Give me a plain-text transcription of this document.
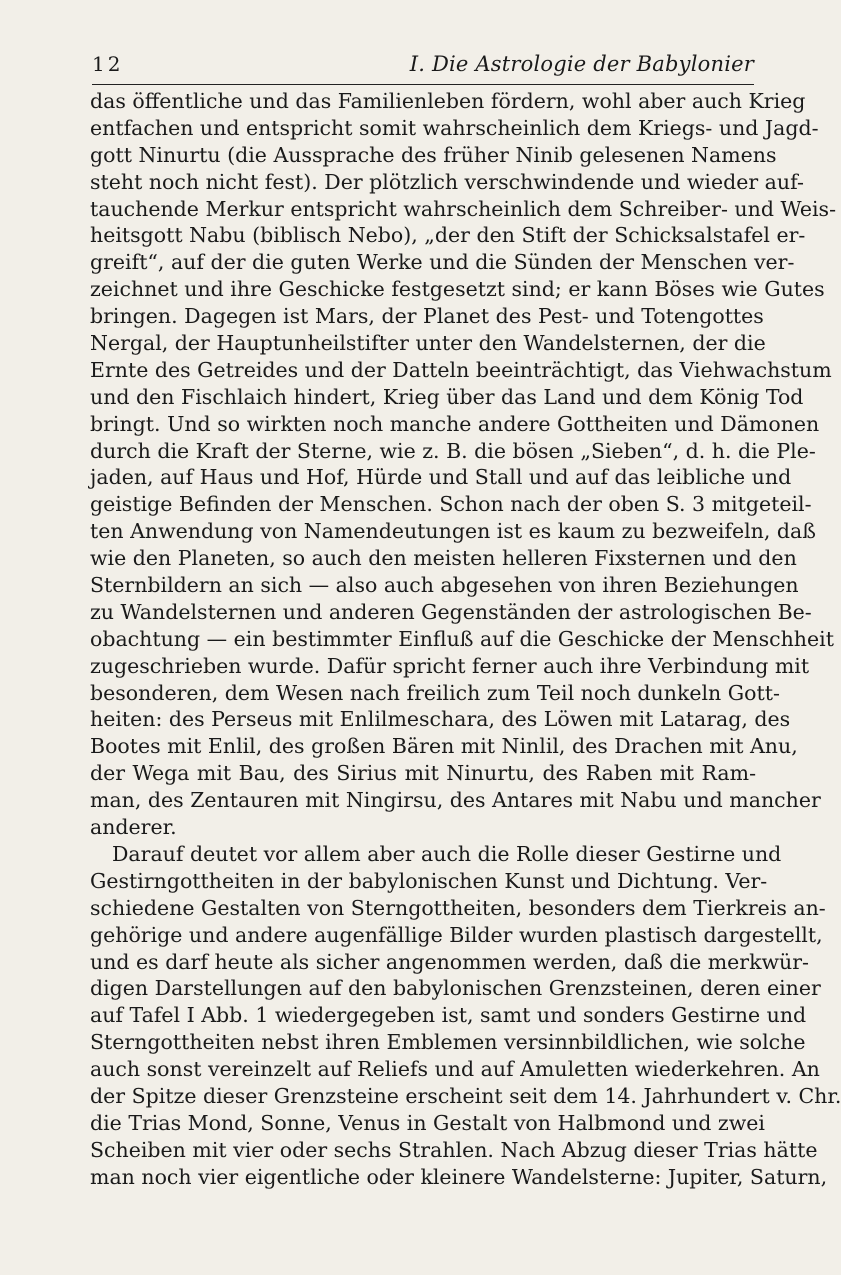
12	I. Die Astrologie der Babylonier
das öffentliche und das Familienleben fördern, wohl aber auch Krieg
entfachen und entspricht somit wahrscheinlich dem Kriegs- und Jagd-
gott Ninurtu (die Aussprache des früher Ninib gelesenen Namens
steht noch nicht fest). Der plötzlich verschwindende und wieder auf-
tauchende Merkur entspricht wahrscheinlich dem Schreiber- und Weis-
heitsgott Nabu (biblisch Nebo), „der den Stift der Schicksalstafel er-
greift“, auf der die guten Werke und die Sünden der Menschen ver-
zeichnet und ihre Geschicke festgesetzt sind; er kann Böses wie Gutes
bringen. Dagegen ist Mars, der Planet des Pest- und Totengottes
Nergal, der Hauptunheilstifter unter den Wandelsternen, der die
Ernte des Getreides und der Datteln beeinträchtigt, das Viehwachstum
und den Fischlaich hindert, Krieg über das Land und dem König Tod
bringt. Und so wirkten noch manche andere Gottheiten und Dämonen
durch die Kraft der Sterne, wie z. B. die bösen „Sieben“, d. h. die Ple-
jaden, auf Haus und Hof, Hürde und Stall und auf das leibliche und
geistige Befinden der Menschen. Schon nach der oben S. 3 mitgeteil-
ten Anwendung von Namendeutungen ist es kaum zu bezweifeln, daß
wie den Planeten, so auch den meisten helleren Fixsternen und den
Sternbildern an sich — also auch abgesehen von ihren Beziehungen
zu Wandelsternen und anderen Gegenständen der astrologischen Be-
obachtung — ein bestimmter Einfluß auf die Geschicke der Menschheit
zugeschrieben wurde. Dafür spricht ferner auch ihre Verbindung mit
besonderen, dem Wesen nach freilich zum Teil noch dunkeln Gott-
heiten: des Perseus mit Enlilmeschara, des Löwen mit Latarag, des
Bootes mit Enlil, des großen Bären mit Ninlil, des Drachen mit Anu,
der Wega mit Bau, des Sirius mit Ninurtu, des Raben mit Ram-
man, des Zentauren mit Ningirsu, des Antares mit Nabu und mancher
anderer.
Darauf deutet vor allem aber auch die Rolle dieser Gestirne und
Gestirngottheiten in der babylonischen Kunst und Dichtung. Ver-
schiedene Gestalten von Sterngottheiten, besonders dem Tierkreis an-
gehörige und andere augenfällige Bilder wurden plastisch dargestellt,
und es darf heute als sicher angenommen werden, daß die merkwür-
digen Darstellungen auf den babylonischen Grenzsteinen, deren einer
auf Tafel I Abb. 1 wiedergegeben ist, samt und sonders Gestirne und
Sterngottheiten nebst ihren Emblemen versinnbildlichen, wie solche
auch sonst vereinzelt auf Reliefs und auf Amuletten wiederkehren. An
der Spitze dieser Grenzsteine erscheint seit dem 14. Jahrhundert v. Chr.
die Trias Mond, Sonne, Venus in Gestalt von Halbmond und zwei
Scheiben mit vier oder sechs Strahlen. Nach Abzug dieser Trias hätte
man noch vier eigentliche oder kleinere Wandelsterne: Jupiter, Saturn,
